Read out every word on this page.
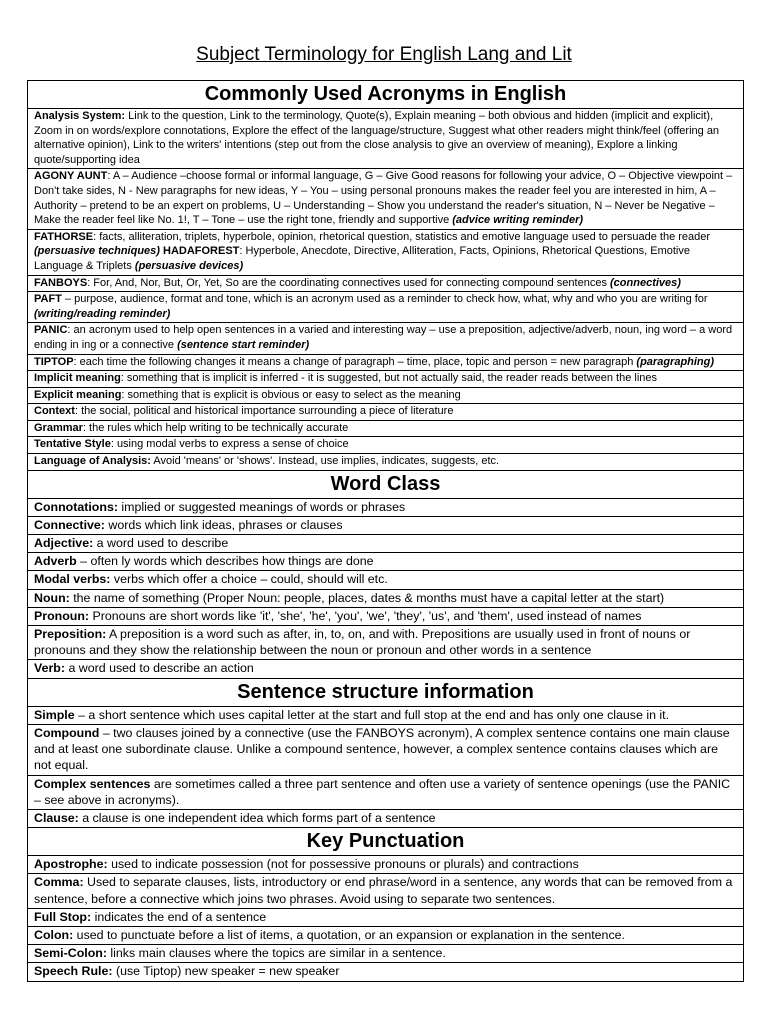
Subject Terminology for English Lang and Lit
Commonly Used Acronyms in English
Analysis System: Link to the question, Link to the terminology, Quote(s), Explain meaning – both obvious and hidden (implicit and explicit), Zoom in on words/explore connotations, Explore the effect of the language/structure, Suggest what other readers might think/feel (offering an alternative opinion), Link to the writers' intentions (step out from the close analysis to give an overview of meaning), Explore a linking quote/supporting idea
AGONY AUNT: A – Audience –choose formal or informal language, G – Give Good reasons for following your advice, O – Objective viewpoint – Don't take sides, N - New paragraphs for new ideas, Y – You – using personal pronouns makes the reader feel you are interested in him, A – Authority – pretend to be an expert on problems, U – Understanding – Show you understand the reader's situation, N – Never be Negative – Make the reader feel like No. 1!, T – Tone – use the right tone, friendly and supportive (advice writing reminder)
FATHORSE: facts, alliteration, triplets, hyperbole, opinion, rhetorical question, statistics and emotive language used to persuade the reader (persuasive techniques) HADAFOREST: Hyperbole, Anecdote, Directive, Alliteration, Facts, Opinions, Rhetorical Questions, Emotive Language & Triplets (persuasive devices)
FANBOYS: For, And, Nor, But, Or, Yet, So are the coordinating connectives used for connecting compound sentences (connectives)
PAFT – purpose, audience, format and tone, which is an acronym used as a reminder to check how, what, why and who you are writing for (writing/reading reminder)
PANIC: an acronym used to help open sentences in a varied and interesting way – use a preposition, adjective/adverb, noun, ing word – a word ending in ing or a connective (sentence start reminder)
TIPTOP: each time the following changes it means a change of paragraph – time, place, topic and person = new paragraph (paragraphing)
Implicit meaning: something that is implicit is inferred - it is suggested, but not actually said, the reader reads between the lines
Explicit meaning: something that is explicit is obvious or easy to select as the meaning
Context: the social, political and historical importance surrounding a piece of literature
Grammar: the rules which help writing to be technically accurate
Tentative Style: using modal verbs to express a sense of choice
Language of Analysis: Avoid 'means' or 'shows'. Instead, use implies, indicates, suggests, etc.
Word Class
Connotations: implied or suggested meanings of words or phrases
Connective: words which link ideas, phrases or clauses
Adjective: a word used to describe
Adverb – often ly words which describes how things are done
Modal verbs: verbs which offer a choice – could, should will etc.
Noun: the name of something (Proper Noun: people, places, dates & months must have a capital letter at the start)
Pronoun: Pronouns are short words like 'it', 'she', 'he', 'you', 'we', 'they', 'us', and 'them', used instead of names
Preposition: A preposition is a word such as after, in, to, on, and with. Prepositions are usually used in front of nouns or pronouns and they show the relationship between the noun or pronoun and other words in a sentence
Verb: a word used to describe an action
Sentence structure information
Simple – a short sentence which uses capital letter at the start and full stop at the end and has only one clause in it.
Compound – two clauses joined by a connective (use the FANBOYS acronym), A complex sentence contains one main clause and at least one subordinate clause. Unlike a compound sentence, however, a complex sentence contains clauses which are not equal.
Complex sentences are sometimes called a three part sentence and often use a variety of sentence openings (use the PANIC – see above in acronyms).
Clause: a clause is one independent idea which forms part of a sentence
Key Punctuation
Apostrophe: used to indicate possession (not for possessive pronouns or plurals) and contractions
Comma: Used to separate clauses, lists, introductory or end phrase/word in a sentence, any words that can be removed from a sentence, before a connective which joins two phrases. Avoid using to separate two sentences.
Full Stop: indicates the end of a sentence
Colon: used to punctuate before a list of items, a quotation, or an expansion or explanation in the sentence.
Semi-Colon: links main clauses where the topics are similar in a sentence.
Speech Rule: (use Tiptop) new speaker = new speaker
